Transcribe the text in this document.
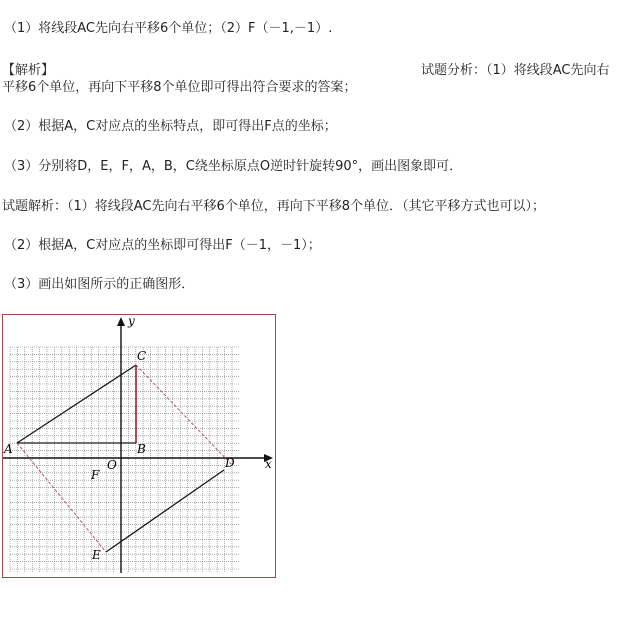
（1）将线段AC先向右平移6个单位；（2）F（－1,－1）.
【解析】	试题分析：（1）将线段AC先向右
平移6个单位，再向下平移8个单位即可得出符合要求的答案；
（2）根据A，C对应点的坐标特点，即可得出F点的坐标；
（3）分别将D，E，F，A，B，C绕坐标原点O逆时针旋转90°，画出图象即可．
试题解析：（1）将线段AC先向右平移6个单位，再向下平移8个单位．（其它平移方式也可以）；
（2）根据A，C对应点的坐标即可得出F（－1，－1）；
（3）画出如图所示的正确图形．
y
x
C
A	B
O	D
F
E
